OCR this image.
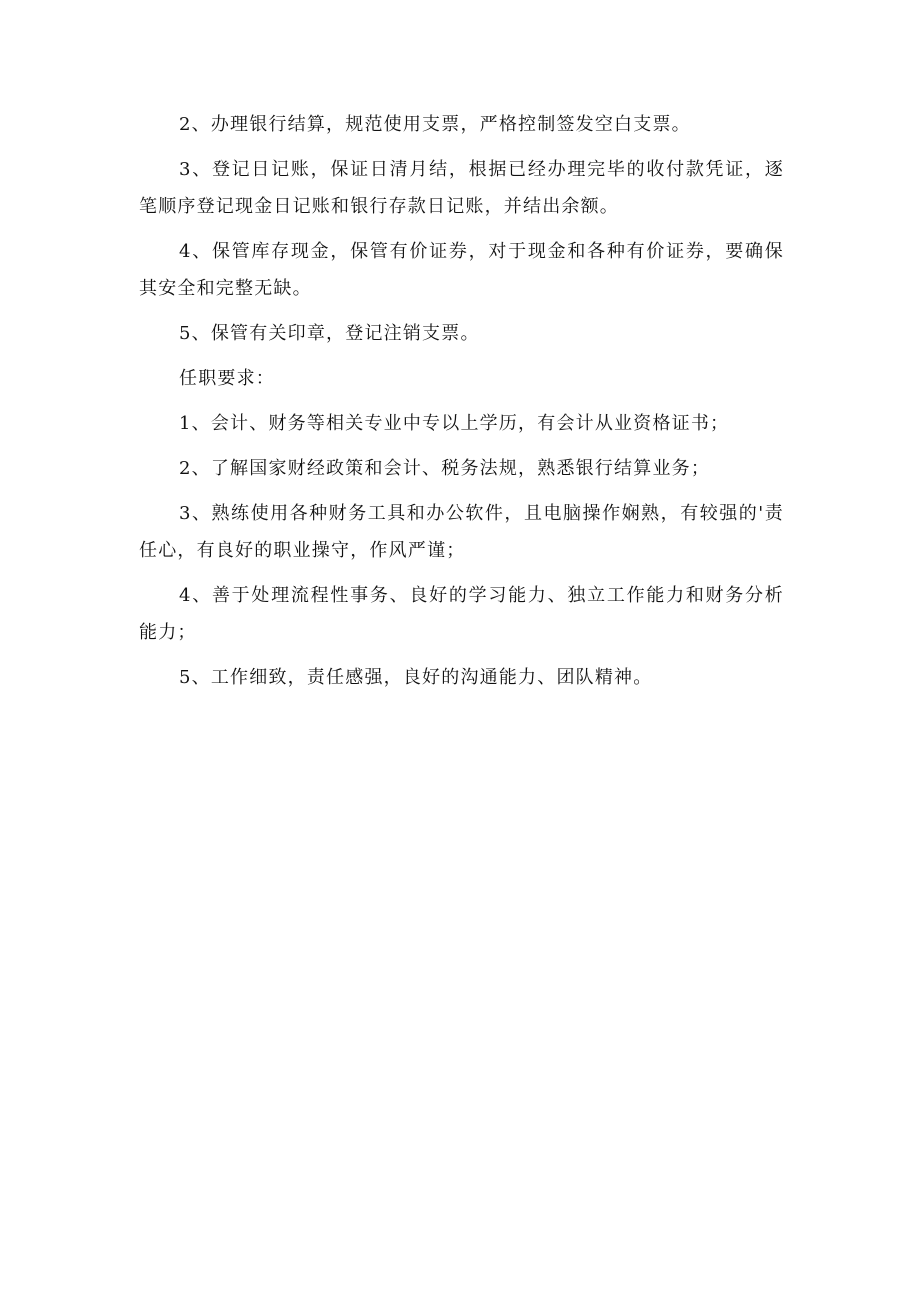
2、办理银行结算，规范使用支票，严格控制签发空白支票。

3、登记日记账，保证日清月结，根据已经办理完毕的收付款凭证，逐笔顺序登记现金日记账和银行存款日记账，并结出余额。

4、保管库存现金，保管有价证券，对于现金和各种有价证券，要确保其安全和完整无缺。

5、保管有关印章，登记注销支票。

任职要求：

1、会计、财务等相关专业中专以上学历，有会计从业资格证书；

2、了解国家财经政策和会计、税务法规，熟悉银行结算业务；

3、熟练使用各种财务工具和办公软件，且电脑操作娴熟，有较强的'责任心，有良好的职业操守，作风严谨；

4、善于处理流程性事务、良好的学习能力、独立工作能力和财务分析能力；

5、工作细致，责任感强，良好的沟通能力、团队精神。
